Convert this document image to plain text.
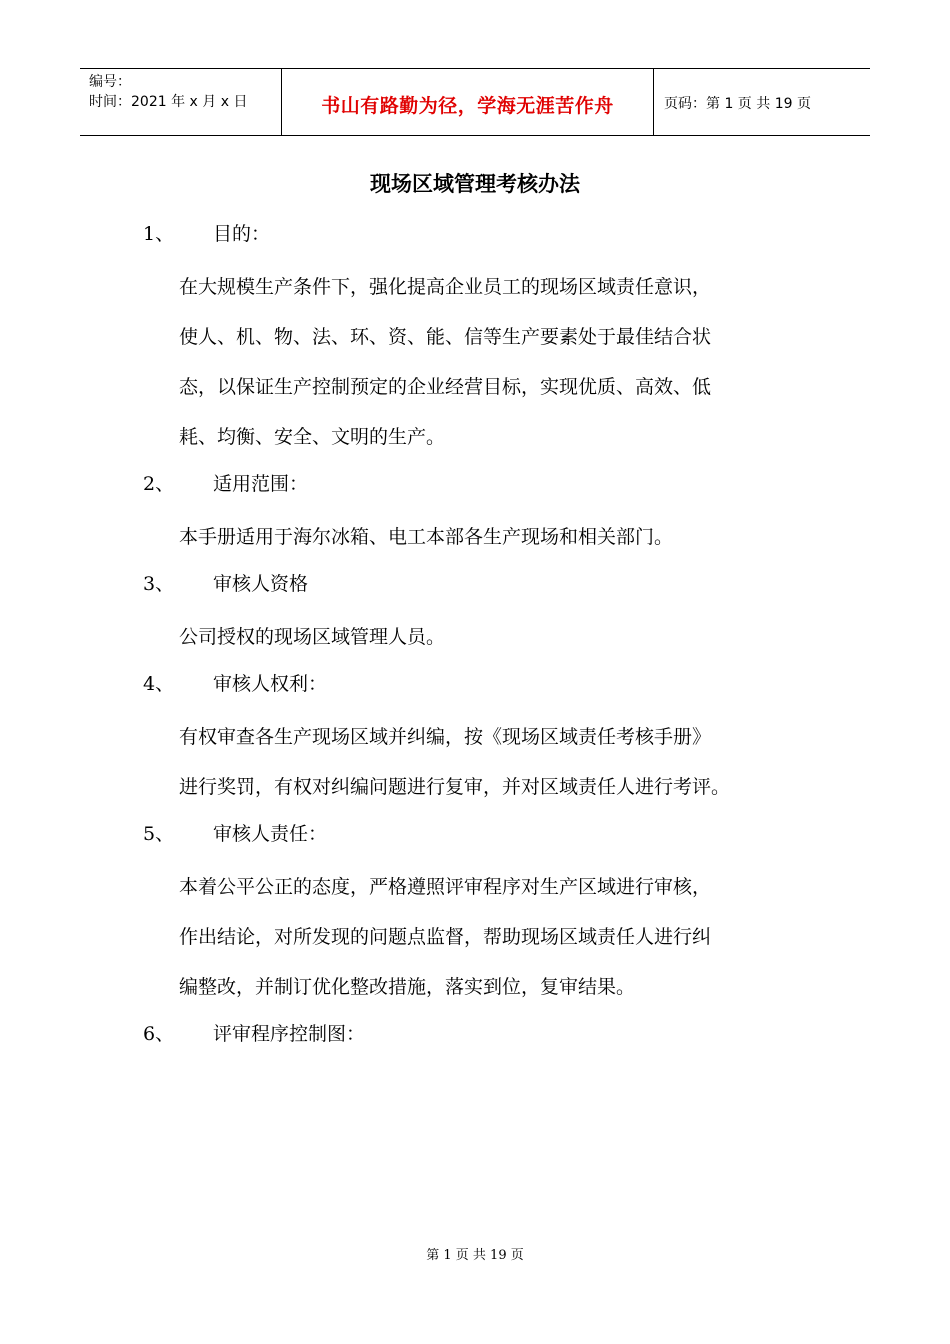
编号：
时间：2021 年 x 月 x 日	书山有路勤为径，学海无涯苦作舟	页码：第 1 页 共 19 页
现场区域管理考核办法
1、 目的：
在大规模生产条件下，强化提高企业员工的现场区域责任意识，
使人、机、物、法、环、资、能、信等生产要素处于最佳结合状
态，以保证生产控制预定的企业经营目标，实现优质、高效、低
耗、均衡、安全、文明的生产。
2、 适用范围：
本手册适用于海尔冰箱、电工本部各生产现场和相关部门。
3、 审核人资格
公司授权的现场区域管理人员。
4、 审核人权利：
有权审查各生产现场区域并纠编，按《现场区域责任考核手册》
进行奖罚，有权对纠编问题进行复审，并对区域责任人进行考评。
5、 审核人责任：
本着公平公正的态度，严格遵照评审程序对生产区域进行审核，
作出结论，对所发现的问题点监督，帮助现场区域责任人进行纠
编整改，并制订优化整改措施，落实到位，复审结果。
6、 评审程序控制图：
第 1 页 共 19 页
